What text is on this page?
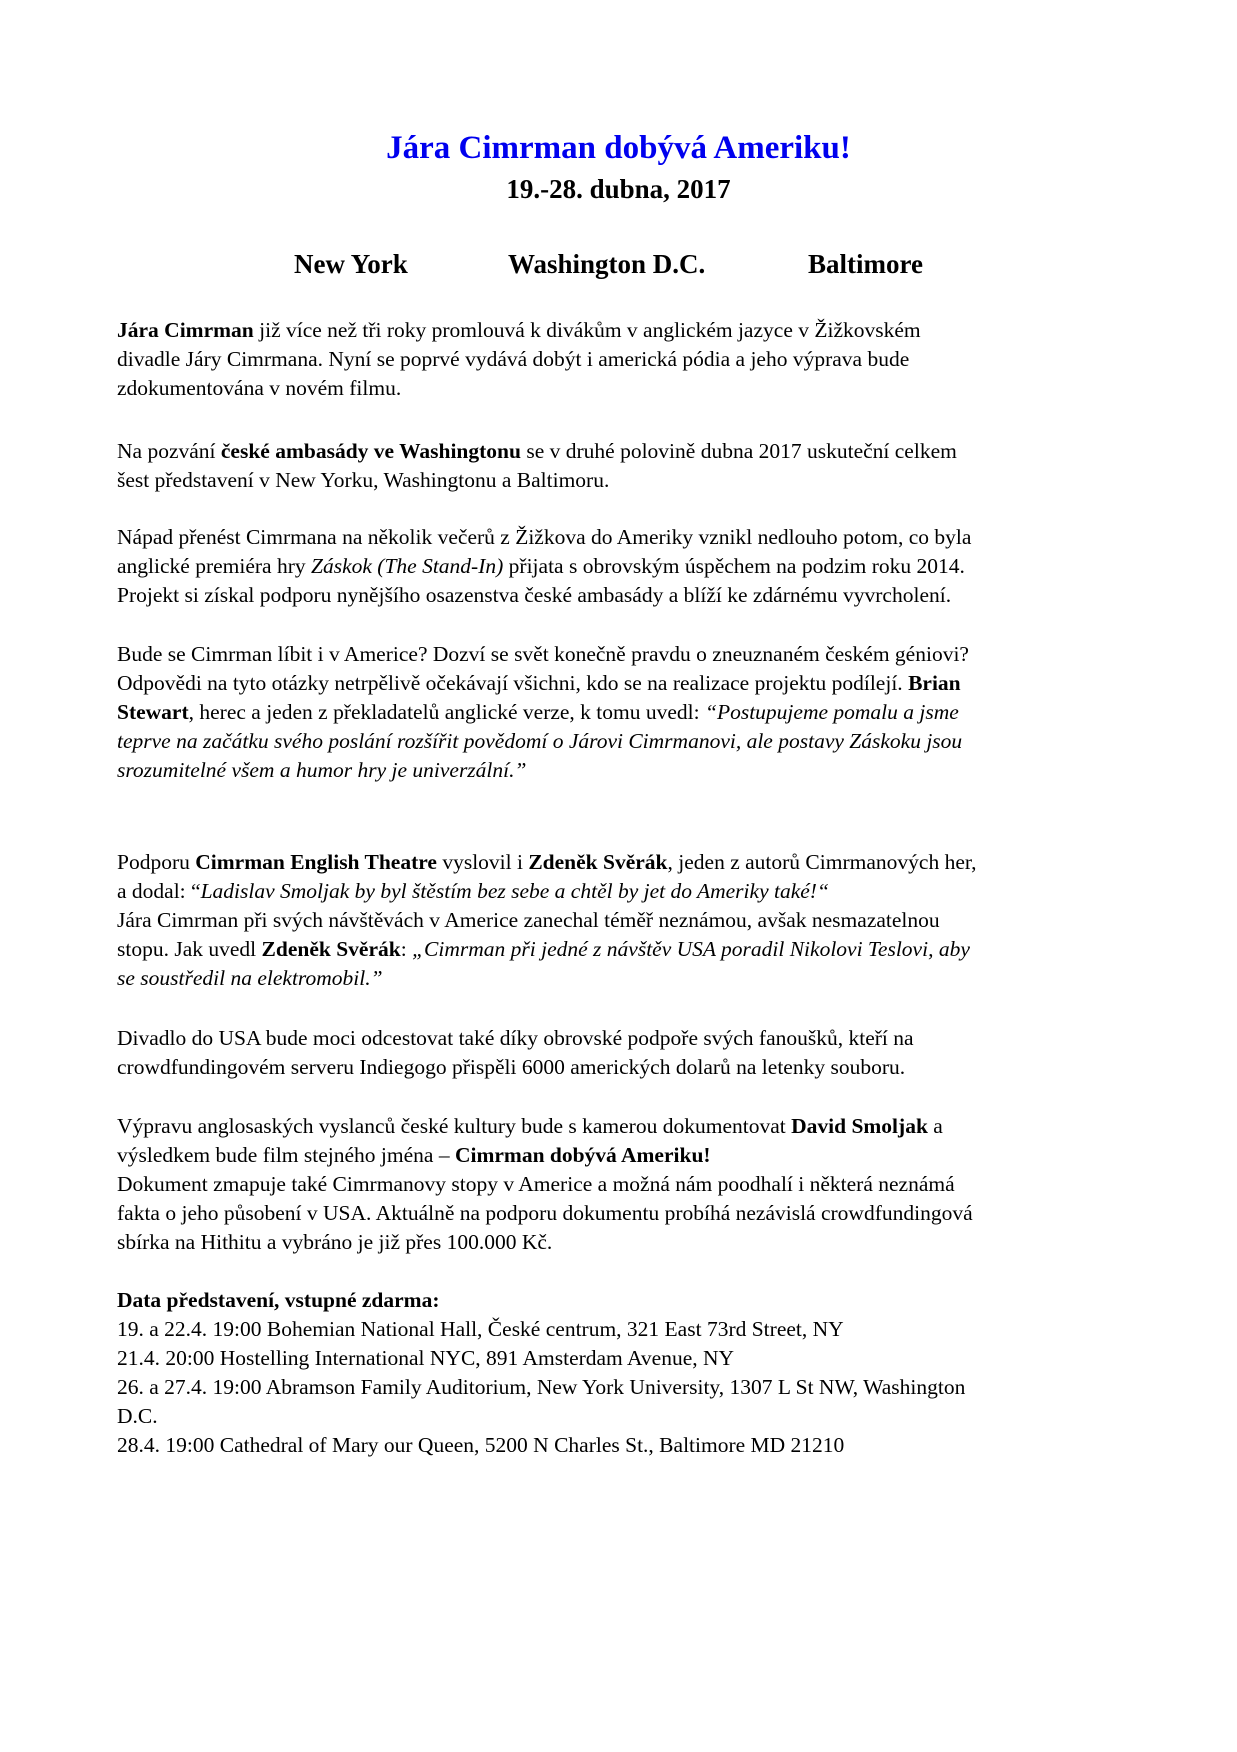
Jára Cimrman dobývá Ameriku!
19.-28. dubna, 2017
New York	Washington D.C.	Baltimore
Jára Cimrman již více než tři roky promlouvá k divákům v anglickém jazyce v Žižkovském
divadle Járy Cimrmana. Nyní se poprvé vydává dobýt i americká pódia a jeho výprava bude
zdokumentována v novém filmu.
Na pozvání české ambasády ve Washingtonu se v druhé polovině dubna 2017 uskuteční celkem
šest představení v New Yorku, Washingtonu a Baltimoru.
Nápad přenést Cimrmana na několik večerů z Žižkova do Ameriky vznikl nedlouho potom, co byla
anglické premiéra hry Záskok (The Stand-In) přijata s obrovským úspěchem na podzim roku 2014.
Projekt si získal podporu nynějšího osazenstva české ambasády a blíží ke zdárnému vyvrcholení.
Bude se Cimrman líbit i v Americe? Dozví se svět konečně pravdu o zneuznaném českém géniovi?
Odpovědi na tyto otázky netrpělivě očekávají všichni, kdo se na realizace projektu podílejí. Brian
Stewart, herec a jeden z překladatelů anglické verze, k tomu uvedl: “Postupujeme pomalu a jsme
teprve na začátku svého poslání rozšířit povědomí o Járovi Cimrmanovi, ale postavy Záskoku jsou
srozumitelné všem a humor hry je univerzální.”
Podporu Cimrman English Theatre vyslovil i Zdeněk Svěrák, jeden z autorů Cimrmanových her,
a dodal: “Ladislav Smoljak by byl štěstím bez sebe a chtěl by jet do Ameriky také!“
Jára Cimrman při svých návštěvách v Americe zanechal téměř neznámou, avšak nesmazatelnou
stopu. Jak uvedl Zdeněk Svěrák: „Cimrman při jedné z návštěv USA poradil Nikolovi Teslovi, aby
se soustředil na elektromobil.”
Divadlo do USA bude moci odcestovat také díky obrovské podpoře svých fanoušků, kteří na
crowdfundingovém serveru Indiegogo přispěli 6000 amerických dolarů na letenky souboru.
Výpravu anglosaských vyslanců české kultury bude s kamerou dokumentovat David Smoljak a
výsledkem bude film stejného jména – Cimrman dobývá Ameriku!
Dokument zmapuje také Cimrmanovy stopy v Americe a možná nám poodhalí i některá neznámá
fakta o jeho působení v USA. Aktuálně na podporu dokumentu probíhá nezávislá crowdfundingová
sbírka na Hithitu a vybráno je již přes 100.000 Kč.
Data představení, vstupné zdarma:
19. a 22.4. 19:00 Bohemian National Hall, České centrum, 321 East 73rd Street, NY
21.4. 20:00 Hostelling International NYC, 891 Amsterdam Avenue, NY
26. a 27.4. 19:00 Abramson Family Auditorium, New York University, 1307 L St NW, Washington
D.C.
28.4. 19:00 Cathedral of Mary our Queen, 5200 N Charles St., Baltimore MD 21210
